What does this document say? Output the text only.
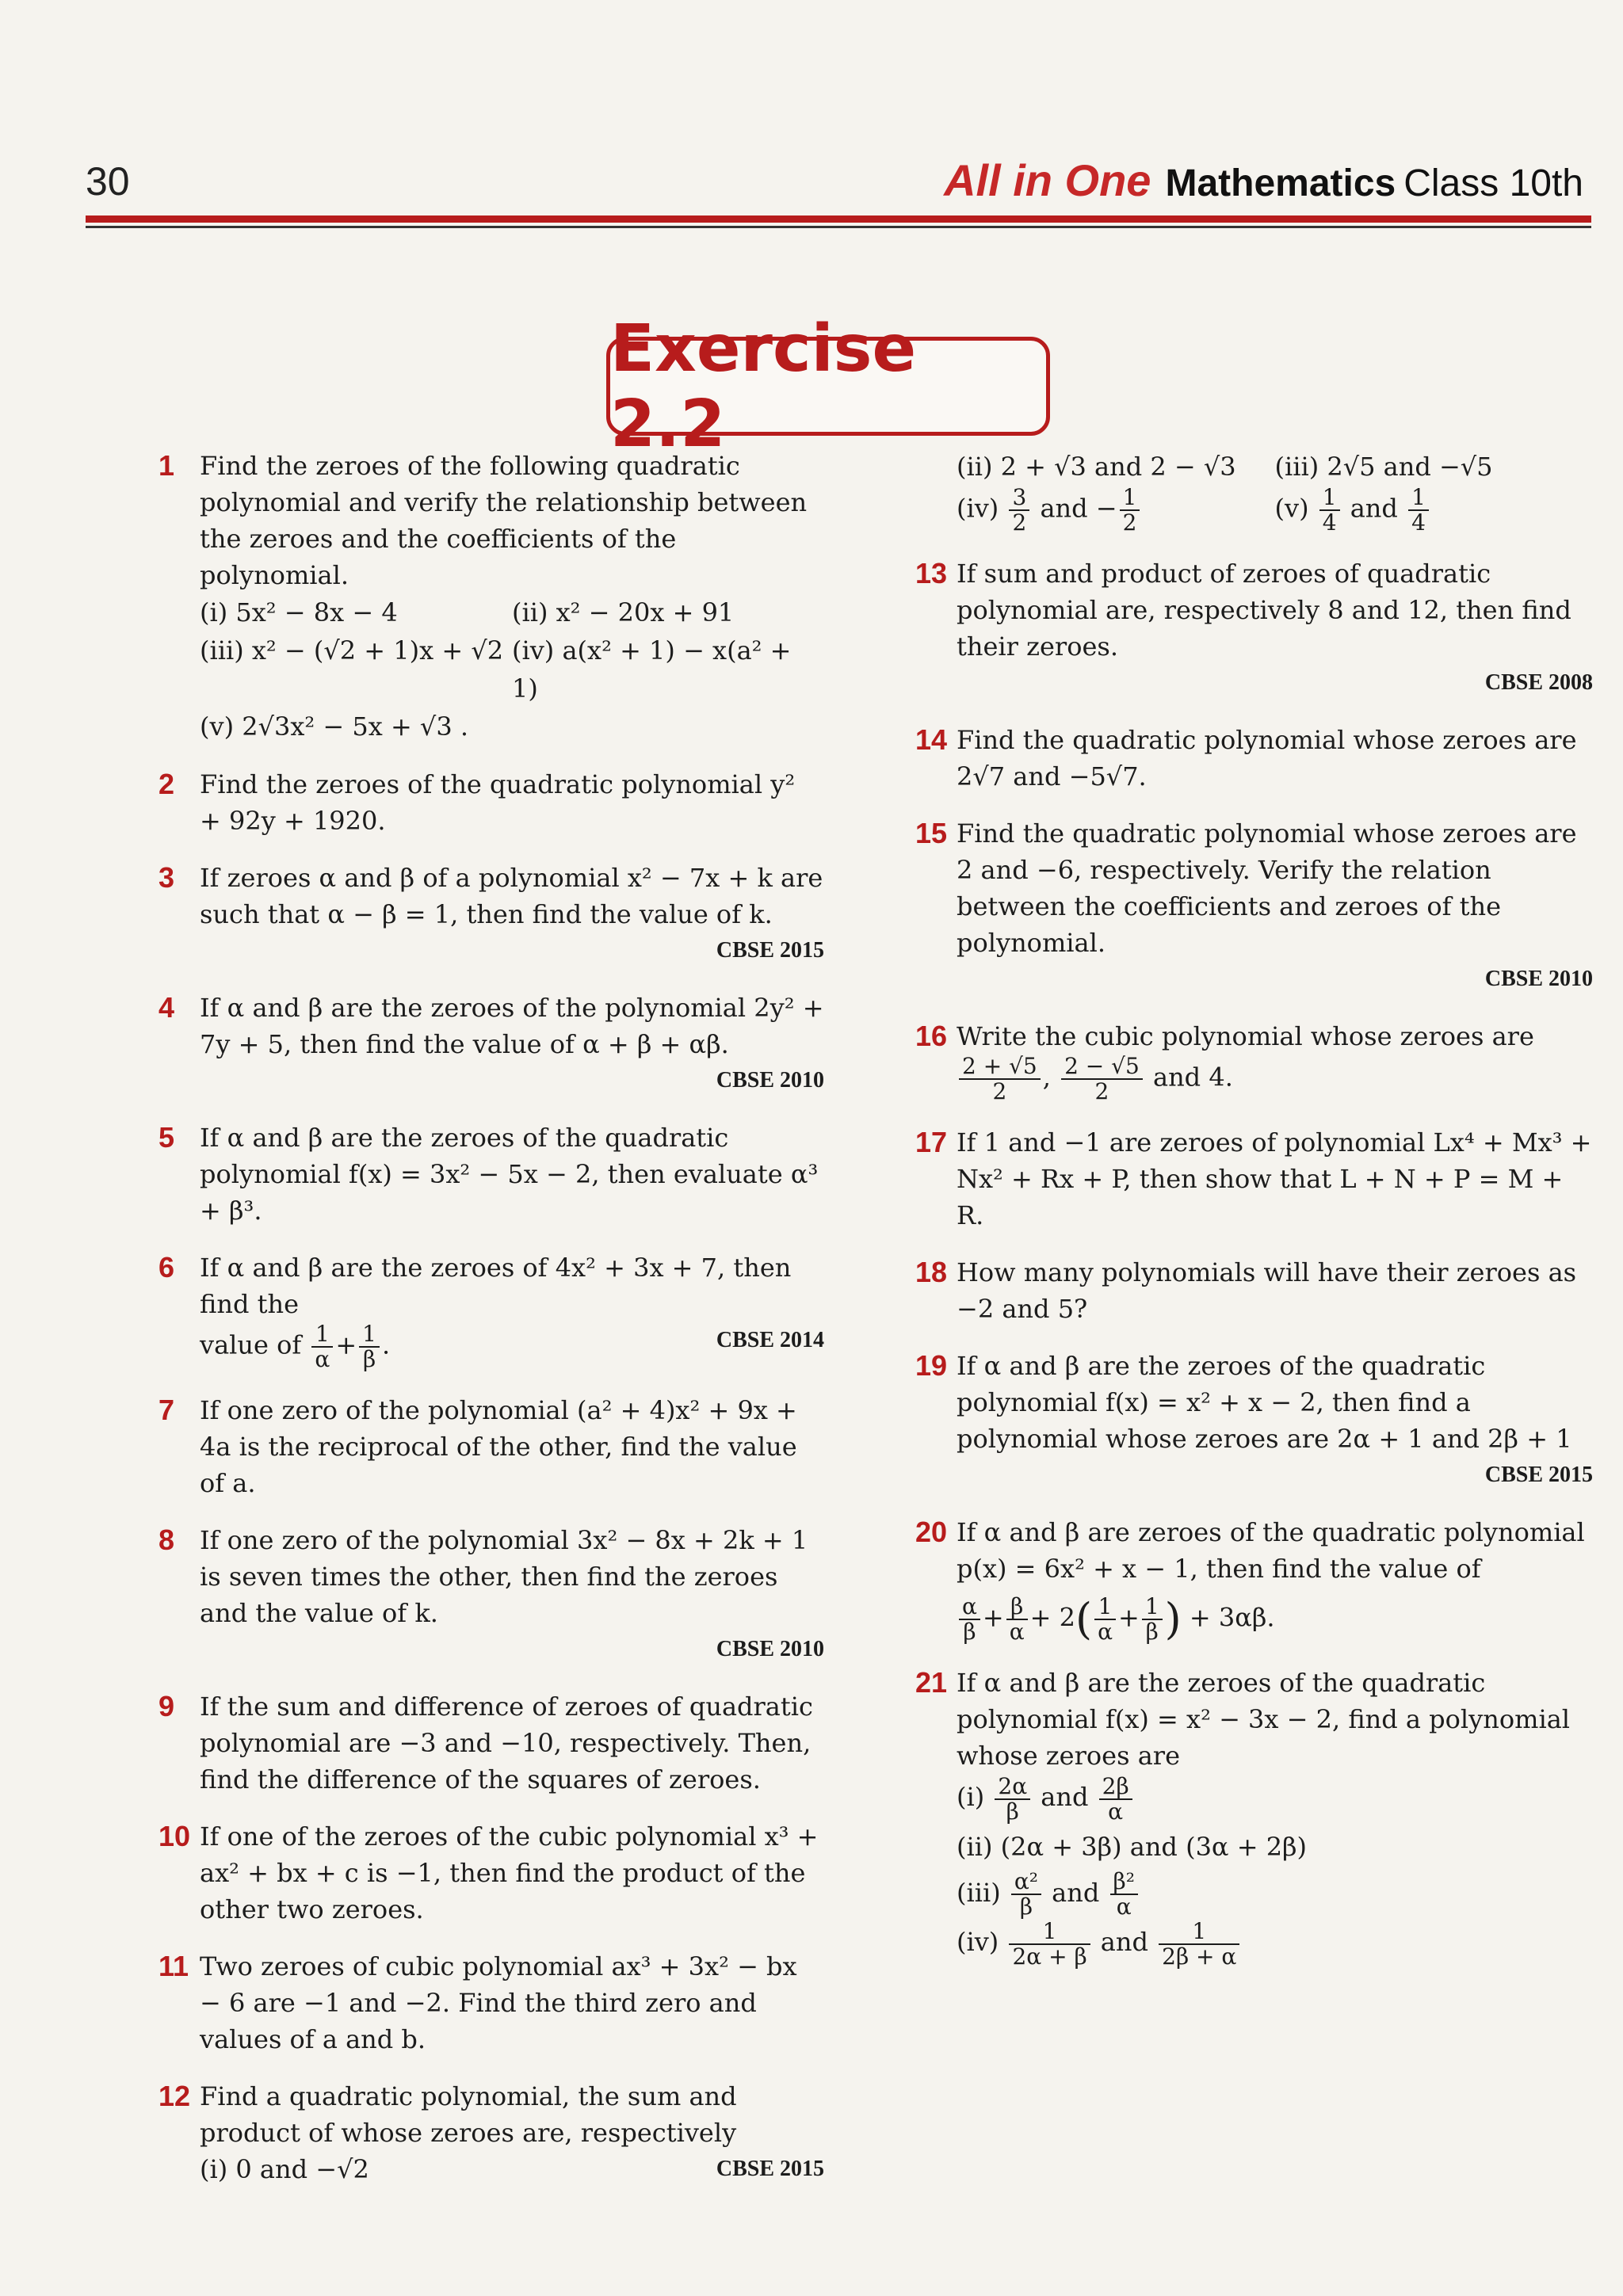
30	All in One Mathematics Class 10th
Exercise 2.2
1 Find the zeroes of the following quadratic polynomial and verify the relationship between the zeroes and the coefficients of the polynomial.
(i) 5x² − 8x − 4	(ii) x² − 20x + 91
(iii) x² − (√2 + 1)x + √2 (iv) a(x² + 1) − x(a² + 1)
(v) 2√3x² − 5x + √3 .
2 Find the zeroes of the quadratic polynomial y² + 92y + 1920.
3 If zeroes α and β of a polynomial x² − 7x + k are such that α − β = 1, then find the value of k.
CBSE 2015
4 If α and β are the zeroes of the polynomial 2y² + 7y + 5, then find the value of α + β + αβ.
CBSE 2010
5 If α and β are the zeroes of the quadratic polynomial f(x) = 3x² − 5x − 2, then evaluate α³ + β³.
6 If α and β are the zeroes of 4x² + 3x + 7, then find the
value of $\frac{1}{\alpha} + \frac{1}{\beta}$ .	CBSE 2014
7 If one zero of the polynomial (a² + 4)x² + 9x + 4a is the reciprocal of the other, find the value of a.
8 If one zero of the polynomial 3x² − 8x + 2k + 1 is seven times the other, then find the zeroes and the value of k.
CBSE 2010
9 If the sum and difference of zeroes of quadratic polynomial are −3 and −10, respectively. Then, find the difference of the squares of zeroes.
10 If one of the zeroes of the cubic polynomial x³ + ax² + bx + c is −1, then find the product of the other two zeroes.
11 Two zeroes of cubic polynomial ax³ + 3x² − bx − 6 are −1 and −2. Find the third zero and values of a and b.
12 Find a quadratic polynomial, the sum and product of whose zeroes are, respectively
(i) 0 and −√2	CBSE 2015
(ii) 2 + √3 and 2 − √3	(iii) 2√5 and −√5
$(iv) \frac{3}{2}$ and − $\frac{1}{2}$	$(v) \frac{1}{4}$ and $\frac{1}{4}$
13 If sum and product of zeroes of quadratic polynomial are, respectively 8 and 12, then find their zeroes.
CBSE 2008
14 Find the quadratic polynomial whose zeroes are 2√7 and −5√7.
15 Find the quadratic polynomial whose zeroes are 2 and −6, respectively. Verify the relation between the coefficients and zeroes of the polynomial.
CBSE 2010
16 Write the cubic polynomial whose zeroes are
$\frac{2 + √5}{2}$ , $\frac{2 - √5}{2}$ and 4.
17 If 1 and −1 are zeroes of polynomial Lx⁴ + Mx³ + Nx² + Rx + P, then show that L + N + P = M + R.
18 How many polynomials will have their zeroes as −2 and 5?
19 If α and β are the zeroes of the quadratic polynomial f(x) = x² + x − 2, then find a polynomial whose zeroes are 2α + 1 and 2β + 1
CBSE 2015
20 If α and β are zeroes of the quadratic polynomial p(x) = 6x² + x − 1, then find the value of
$\frac{\alpha}{\beta} + \frac{\beta}{\alpha} + 2( \frac{1}{\alpha} + \frac{1}{\beta}$ ) + 3αβ.
21 If α and β are the zeroes of the quadratic polynomial f(x) = x² − 3x − 2, find a polynomial whose zeroes are
$(i) \frac{2\alpha}{\beta}$ and $\frac{2\beta}{\alpha}$
(ii) (2α + 3β) and (3α + 2β)
$(iii) \frac{\text{α²}}{\beta}$ and $\frac{\text{β²}}{\alpha}$
$(iv) \frac{1}{2\alpha + \beta}$ and $\frac{1}{2\beta + \alpha}$
